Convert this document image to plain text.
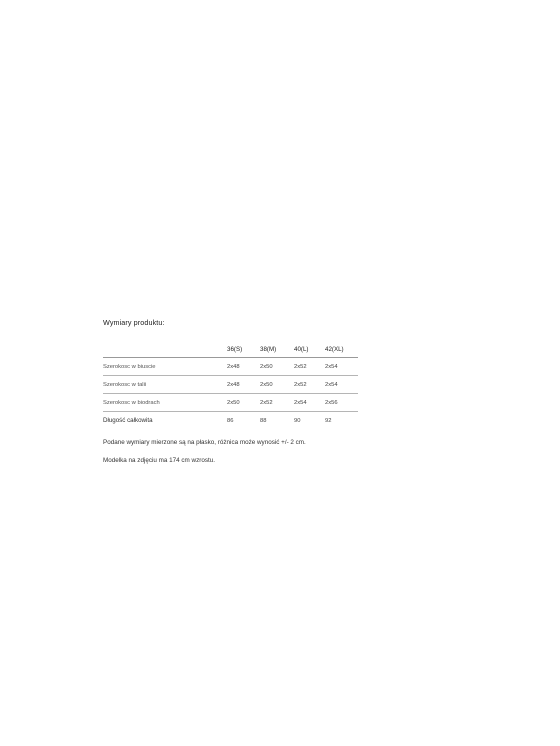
Wymiary produktu:

	36(S)	38(M)	40(L)	42(XL)
Szerokosc w biuscie	2x48	2x50	2x52	2x54
Szerokosc w talii	2x48	2x50	2x52	2x54
Szerokosc w biodrach	2x50	2x52	2x54	2x56
Długość całkowita	86	88	90	92

Podane wymiary mierzone są na płasko, różnica może wynosić +/- 2 cm.

Modelka na zdjęciu ma 174 cm wzrostu.
